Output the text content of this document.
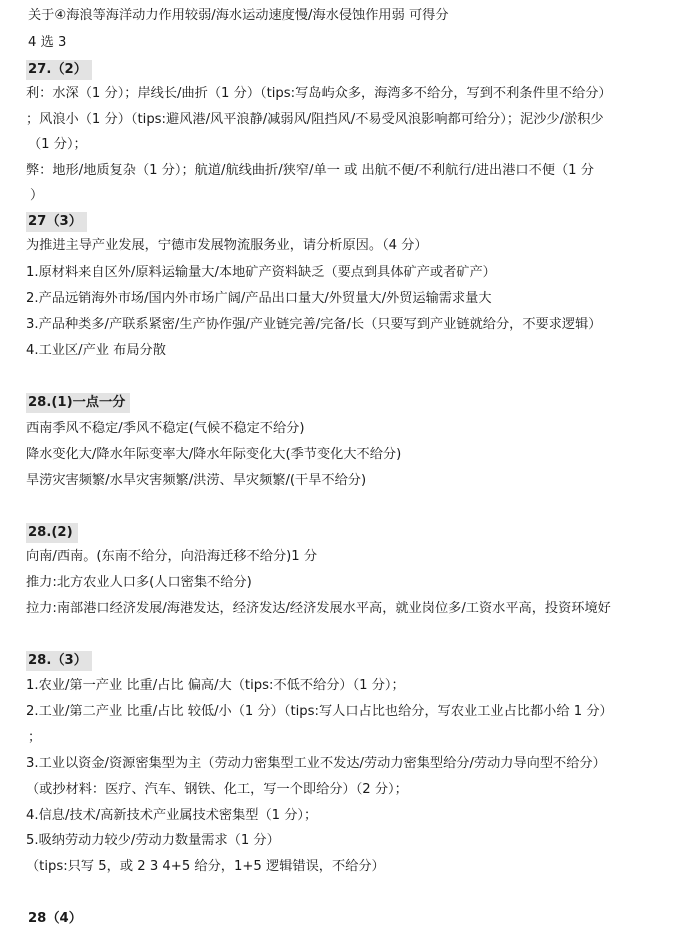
关于④海浪等海洋动力作用较弱/海水运动速度慢/海水侵蚀作用弱 可得分
4 选 3
27.（2）
利：水深（1 分）；岸线长/曲折（1 分）（tips:写岛屿众多，海湾多不给分，写到不利条件里不给分）
；风浪小（1 分）（tips:避风港/风平浪静/减弱风/阻挡风/不易受风浪影响都可给分）；泥沙少/淤积少
（1 分）；
弊：地形/地质复杂（1 分）；航道/航线曲折/狭窄/单一 或 出航不便/不利航行/进出港口不便（1 分
）
27（3）
为推进主导产业发展，宁德市发展物流服务业，请分析原因。（4 分）
1.原材料来自区外/原料运输量大/本地矿产资料缺乏（要点到具体矿产或者矿产）
2.产品远销海外市场/国内外市场广阔/产品出口量大/外贸量大/外贸运输需求量大
3.产品种类多/产联系紧密/生产协作强/产业链完善/完备/长（只要写到产业链就给分，不要求逻辑）
4.工业区/产业 布局分散
28.(1)一点一分
西南季风不稳定/季风不稳定(气候不稳定不给分)
降水变化大/降水年际变率大/降水年际变化大(季节变化大不给分)
旱涝灾害频繁/水旱灾害频繁/洪涝、旱灾频繁/(干旱不给分)
28.(2)
向南/西南。(东南不给分，向沿海迁移不给分)1 分
推力:北方农业人口多(人口密集不给分)
拉力:南部港口经济发展/海港发达，经济发达/经济发展水平高，就业岗位多/工资水平高，投资环境好
28.（3）
1.农业/第一产业 比重/占比 偏高/大（tips:不低不给分）（1 分）；
2.工业/第二产业 比重/占比 较低/小（1 分）（tips:写人口占比也给分，写农业工业占比都小给 1 分）
；
3.工业以资金/资源密集型为主（劳动力密集型工业不发达/劳动力密集型给分/劳动力导向型不给分）
（或抄材料：医疗、汽车、钢铁、化工，写一个即给分）（2 分）；
4.信息/技术/高新技术产业属技术密集型（1 分）；
5.吸纳劳动力较少/劳动力数量需求（1 分）
（tips:只写 5，或 2 3 4+5 给分，1+5 逻辑错误，不给分）
28（4）
